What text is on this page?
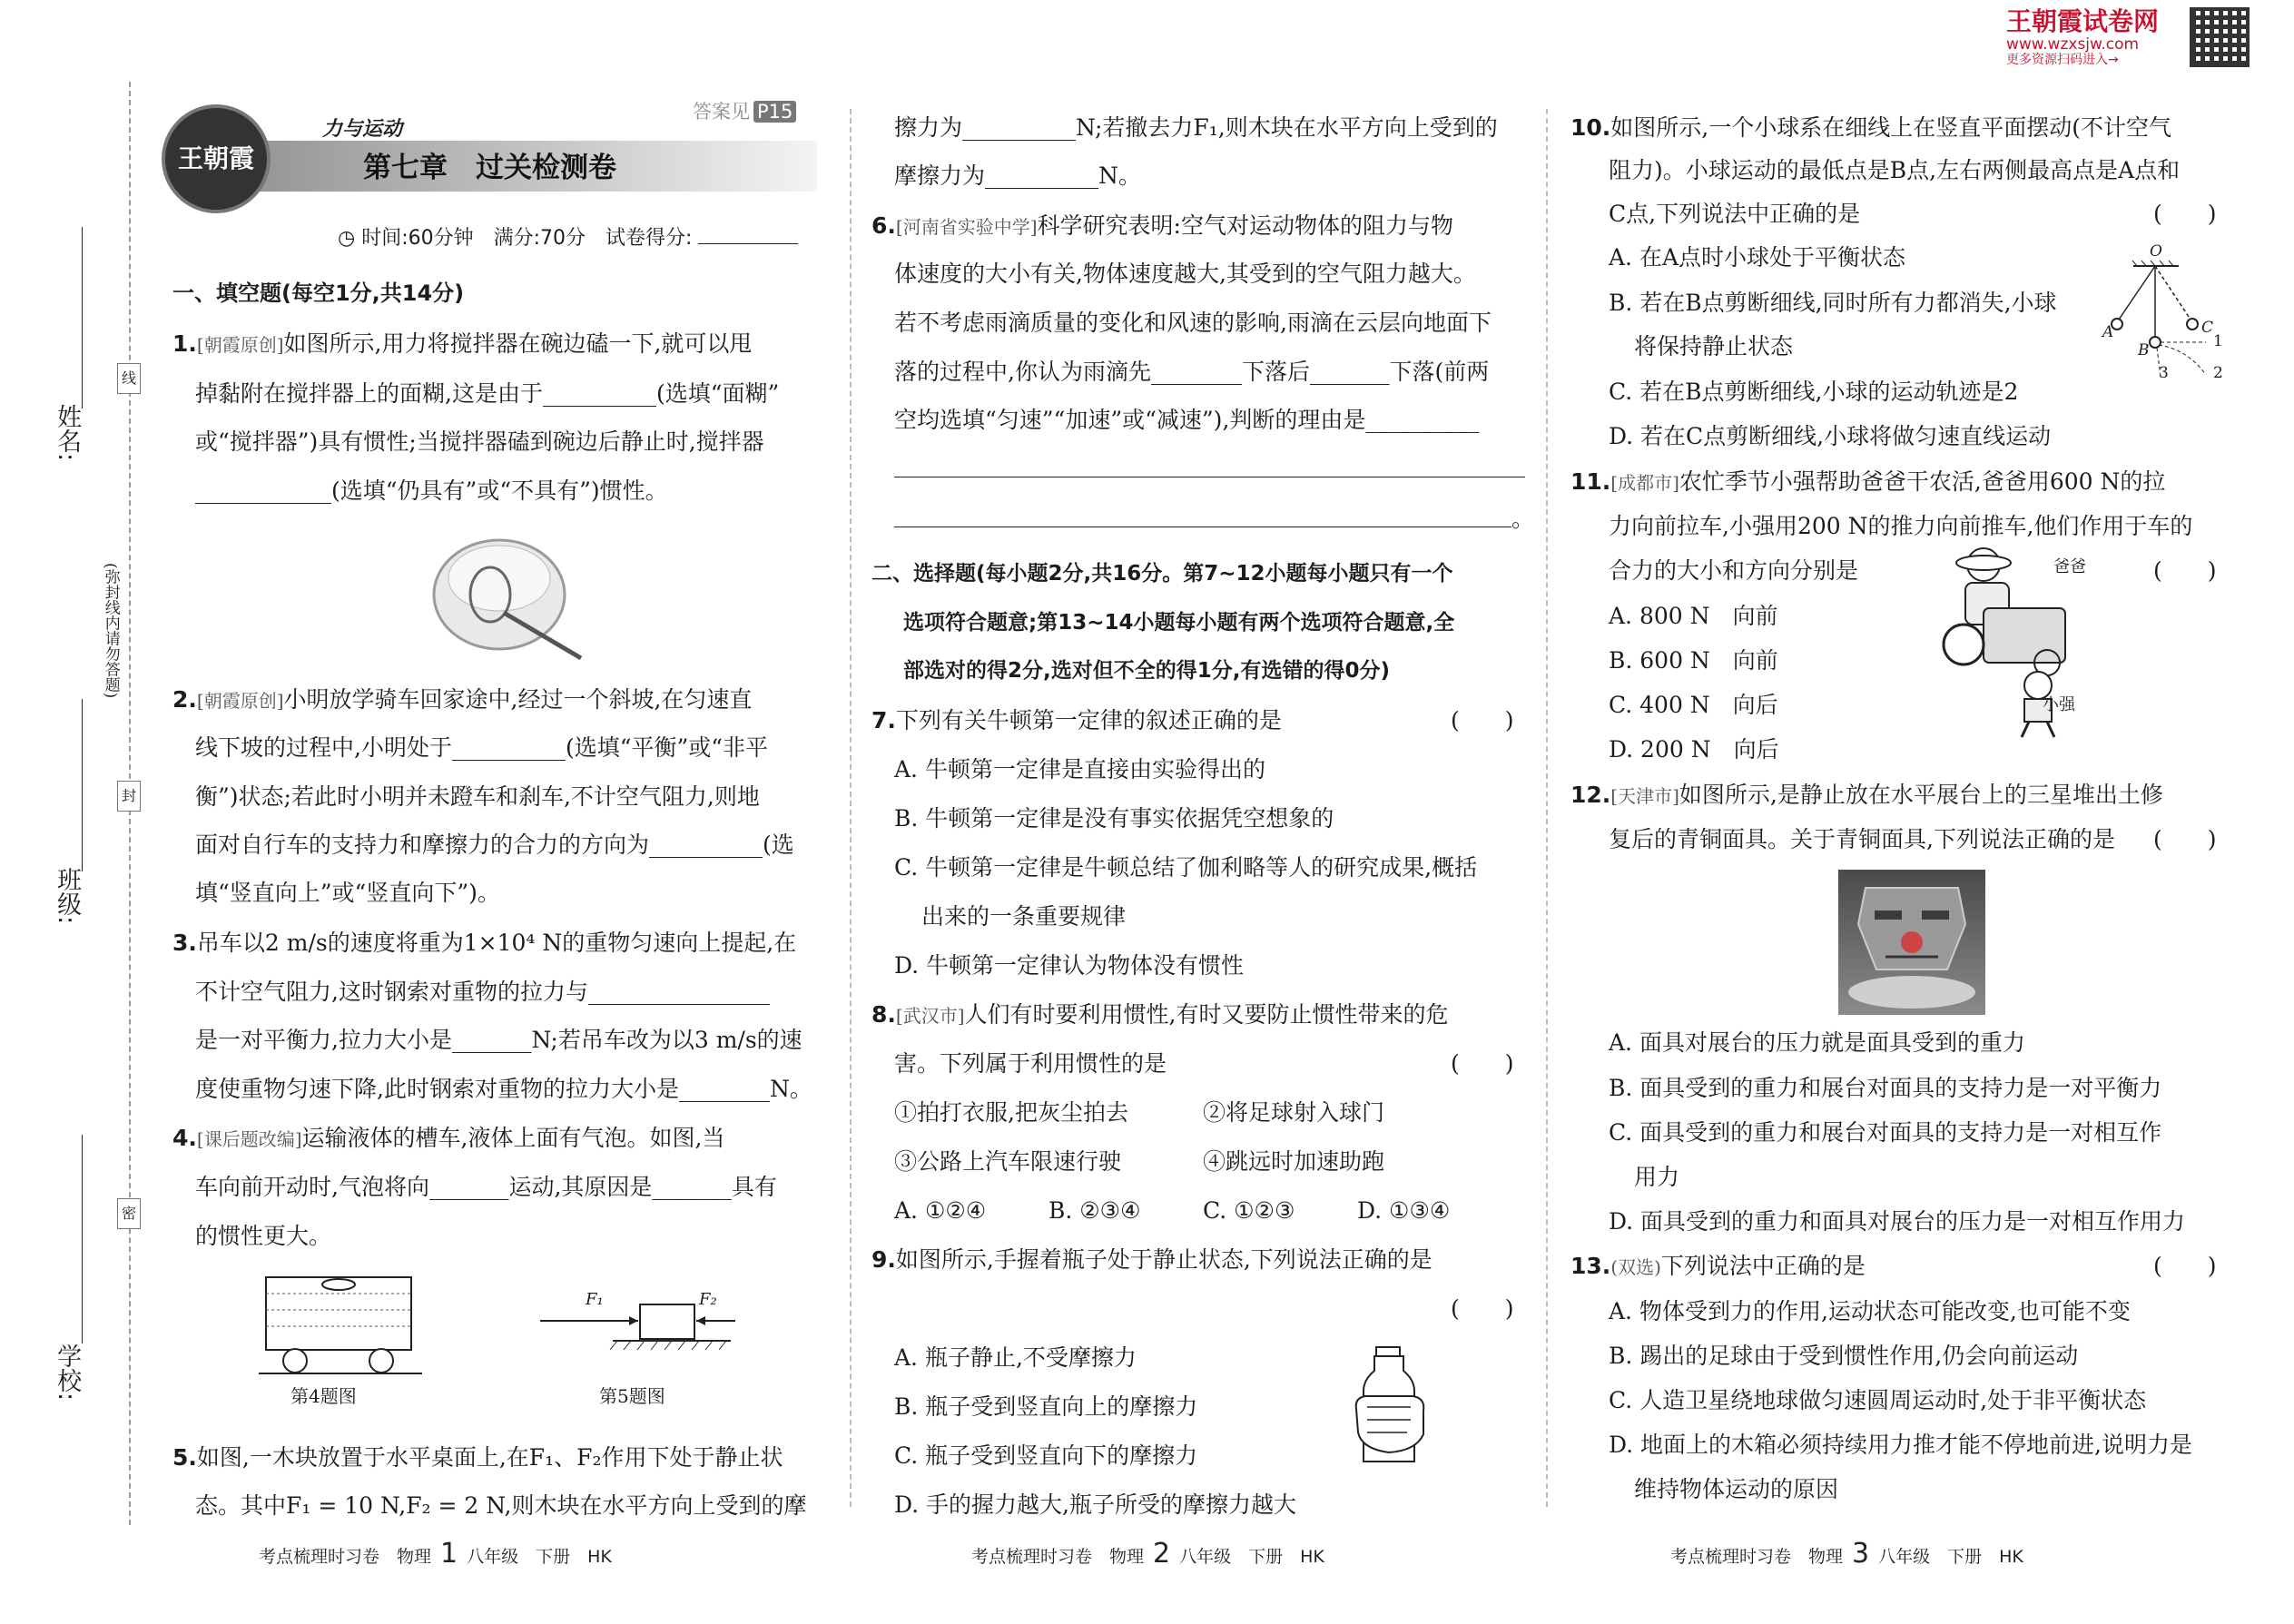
王朝霞试卷网
www.wzxsjw.com
更多资源扫码进入→
姓名:
班级:
学校:
(弥封线内请勿答题)
线
封
密
王朝霞
力与运动
答案见 P15
第七章　过关检测卷
◷ 时间:60分钟　满分:70分　试卷得分:
一、填空题(每空1分,共14分)
1.[朝霞原创]如图所示,用力将搅拌器在碗边磕一下,就可以甩
掉黏附在搅拌器上的面糊,这是由于__________(选填“面糊”
或“搅拌器”)具有惯性;当搅拌器磕到碗边后静止时,搅拌器
____________(选填“仍具有”或“不具有”)惯性。
2.[朝霞原创]小明放学骑车回家途中,经过一个斜坡,在匀速直
线下坡的过程中,小明处于__________(选填“平衡”或“非平
衡”)状态;若此时小明并未蹬车和刹车,不计空气阻力,则地
面对自行车的支持力和摩擦力的合力的方向为__________(选
填“竖直向上”或“竖直向下”)。
3.吊车以2 m/s的速度将重为1×10⁴ N的重物匀速向上提起,在
不计空气阻力,这时钢索对重物的拉力与________________
是一对平衡力,拉力大小是_______N;若吊车改为以3 m/s的速
度使重物匀速下降,此时钢索对重物的拉力大小是________N。
4.[课后题改编]运输液体的槽车,液体上面有气泡。如图,当
车向前开动时,气泡将向_______运动,其原因是_______具有
的惯性更大。
第4题图
F₁	F₂
第5题图
5.如图,一木块放置于水平桌面上,在F₁、F₂作用下处于静止状
态。其中F₁ = 10 N,F₂ = 2 N,则木块在水平方向上受到的摩
擦力为__________N;若撤去力F₁,则木块在水平方向上受到的
摩擦力为__________N。
6.[河南省实验中学]科学研究表明:空气对运动物体的阻力与物
体速度的大小有关,物体速度越大,其受到的空气阻力越大。
若不考虑雨滴质量的变化和风速的影响,雨滴在云层向地面下
落的过程中,你认为雨滴先________下落后_______下落(前两
空均选填“匀速”“加速”或“减速”),判断的理由是__________
。
二、选择题(每小题2分,共16分。第7~12小题每小题只有一个
选项符合题意;第13~14小题每小题有两个选项符合题意,全
部选对的得2分,选对但不全的得1分,有选错的得0分)
7.下列有关牛顿第一定律的叙述正确的是	(　　)
A. 牛顿第一定律是直接由实验得出的
B. 牛顿第一定律是没有事实依据凭空想象的
C. 牛顿第一定律是牛顿总结了伽利略等人的研究成果,概括
出来的一条重要规律
D. 牛顿第一定律认为物体没有惯性
8.[武汉市]人们有时要利用惯性,有时又要防止惯性带来的危
害。下列属于利用惯性的是	(　　)
①拍打衣服,把灰尘拍去	②将足球射入球门
③公路上汽车限速行驶	④跳远时加速助跑
A. ①②④	B. ②③④	C. ①②③	D. ①③④
9.如图所示,手握着瓶子处于静止状态,下列说法正确的是
(　　)
A. 瓶子静止,不受摩擦力
B. 瓶子受到竖直向上的摩擦力
C. 瓶子受到竖直向下的摩擦力
D. 手的握力越大,瓶子所受的摩擦力越大
10.如图所示,一个小球系在细线上在竖直平面摆动(不计空气
阻力)。小球运动的最低点是B点,左右两侧最高点是A点和
C点,下列说法中正确的是	(　　)
A. 在A点时小球处于平衡状态
B. 若在B点剪断细线,同时所有力都消失,小球
将保持静止状态
C. 若在B点剪断细线,小球的运动轨迹是2
D. 若在C点剪断细线,小球将做匀速直线运动
O
A
B
C
1
2
3
11.[成都市]农忙季节小强帮助爸爸干农活,爸爸用600 N的拉
力向前拉车,小强用200 N的推力向前推车,他们作用于车的
合力的大小和方向分别是	(　　)
A. 800 N　向前
B. 600 N　向前
C. 400 N　向后
D. 200 N　向后
爸爸
小强
12.[天津市]如图所示,是静止放在水平展台上的三星堆出土修
复后的青铜面具。关于青铜面具,下列说法正确的是 (　　)
A. 面具对展台的压力就是面具受到的重力
B. 面具受到的重力和展台对面具的支持力是一对平衡力
C. 面具受到的重力和展台对面具的支持力是一对相互作
用力
D. 面具受到的重力和面具对展台的压力是一对相互作用力
13.(双选)下列说法中正确的是	(　　)
A. 物体受到力的作用,运动状态可能改变,也可能不变
B. 踢出的足球由于受到惯性作用,仍会向前运动
C. 人造卫星绕地球做匀速圆周运动时,处于非平衡状态
D. 地面上的木箱必须持续用力推才能不停地前进,说明力是
维持物体运动的原因
考点梳理时习卷　物理 1 八年级　下册　HK	考点梳理时习卷　物理 2 八年级　下册　HK	考点梳理时习卷　物理 3 八年级　下册　HK
